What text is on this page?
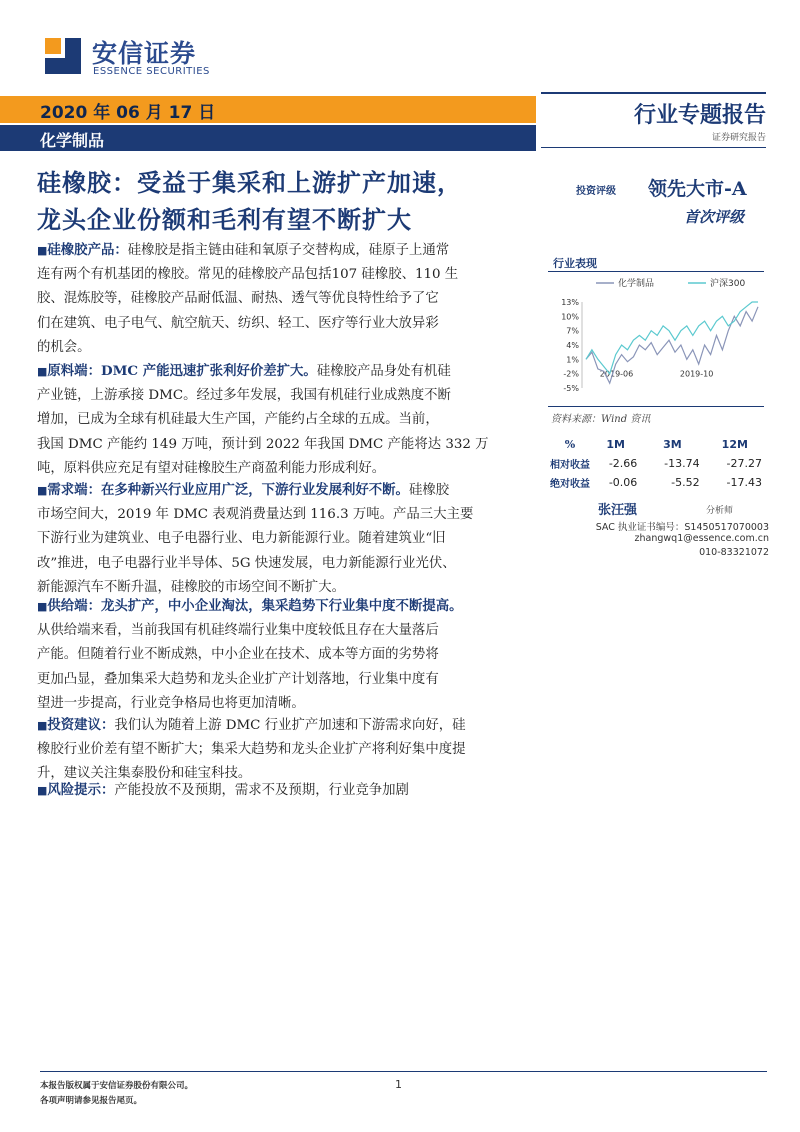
安信证券
ESSENCE SECURITIES
2020 年 06 月 17 日
化学制品
行业专题报告
证券研究报告
硅橡胶：受益于集采和上游扩产加速，
龙头企业份额和毛利有望不断扩大
投资评级 领先大市-A
首次评级
■硅橡胶产品：硅橡胶是指主链由硅和氧原子交替构成，硅原子上通常
连有两个有机基团的橡胶。常见的硅橡胶产品包括107 硅橡胶、110 生
胶、混炼胶等，硅橡胶产品耐低温、耐热、透气等优良特性给予了它
们在建筑、电子电气、航空航天、纺织、轻工、医疗等行业大放异彩
的机会。
■原料端：DMC 产能迅速扩张利好价差扩大。硅橡胶产品身处有机硅
产业链，上游承接 DMC。经过多年发展，我国有机硅行业成熟度不断
增加，已成为全球有机硅最大生产国，产能约占全球的五成。当前，
我国 DMC 产能约 149 万吨，预计到 2022 年我国 DMC 产能将达 332 万
吨，原料供应充足有望对硅橡胶生产商盈利能力形成利好。
■需求端：在多种新兴行业应用广泛，下游行业发展利好不断。硅橡胶
市场空间大，2019 年 DMC 表观消费量达到 116.3 万吨。产品三大主要
下游行业为建筑业、电子电器行业、电力新能源行业。随着建筑业“旧
改”推进，电子电器行业半导体、5G 快速发展，电力新能源行业光伏、
新能源汽车不断升温，硅橡胶的市场空间不断扩大。
■供给端：龙头扩产，中小企业淘汰，集采趋势下行业集中度不断提高。
从供给端来看，当前我国有机硅终端行业集中度较低且存在大量落后
产能。但随着行业不断成熟，中小企业在技术、成本等方面的劣势将
更加凸显，叠加集采大趋势和龙头企业扩产计划落地，行业集中度有
望进一步提高，行业竞争格局也将更加清晰。
■投资建议：我们认为随着上游 DMC 行业扩产加速和下游需求向好，硅
橡胶行业价差有望不断扩大；集采大趋势和龙头企业扩产将利好集中度提
升，建议关注集泰股份和硅宝科技。
■风险提示：产能投放不及预期，需求不及预期，行业竞争加剧
行业表现
化学制品	沪深300
13%
10%
7%
4%
1%
-2%
-5%
2019-06	2019-10
资料来源：Wind 资讯
%	1M	3M	12M
相对收益	-2.66	-13.74	-27.27
绝对收益	-0.06	-5.52	-17.43
张汪强	分析师
SAC 执业证书编号：S1450517070003
zhangwq1@essence.com.cn
010-83321072
本报告版权属于安信证券股份有限公司。
各项声明请参见报告尾页。
1
